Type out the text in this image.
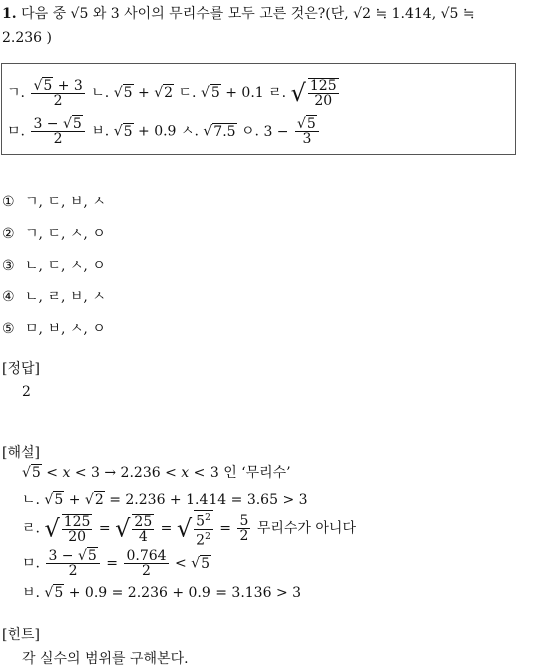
1. 다음 중 √5 와 3 사이의 무리수를 모두 고른 것은?(단, √2 ≒ 1.414, √5 ≒
2.236 )
ㄱ. $\frac{√5 + 3}{2}$ ㄴ. √5 + √2 ㄷ. √5 + 0.1 ㄹ. √ $\frac{125}{20}$
ㅁ. $\frac{3 - √5}{2}$ ㅂ. √5 + 0.9 ㅅ. √7.5 ㅇ. $3 - \frac{√5}{3}$
① ㄱ, ㄷ, ㅂ, ㅅ
② ㄱ, ㄷ, ㅅ, ㅇ
③ ㄴ, ㄷ, ㅅ, ㅇ
④ ㄴ, ㄹ, ㅂ, ㅅ
⑤ ㅁ, ㅂ, ㅅ, ㅇ
[정답]
2
[해설]
√5 < x < 3 → 2.236 < x < 3 인 ‘무리수’
ㄴ. √5 + √2 = 2.236 + 1.414 = 3.65 > 3
ㄹ. √ $\frac{125}{20}$ = √ $\frac{25}{4}$ = √ $\frac{5^2}{2^2} = \frac{5}{2}$ 무리수가 아니다
ㅁ. $\frac{3 - √5}{2} = \frac{0.764}{2} < √5$
ㅂ. √5 + 0.9 = 2.236 + 0.9 = 3.136 > 3
[힌트]
각 실수의 범위를 구해본다.
